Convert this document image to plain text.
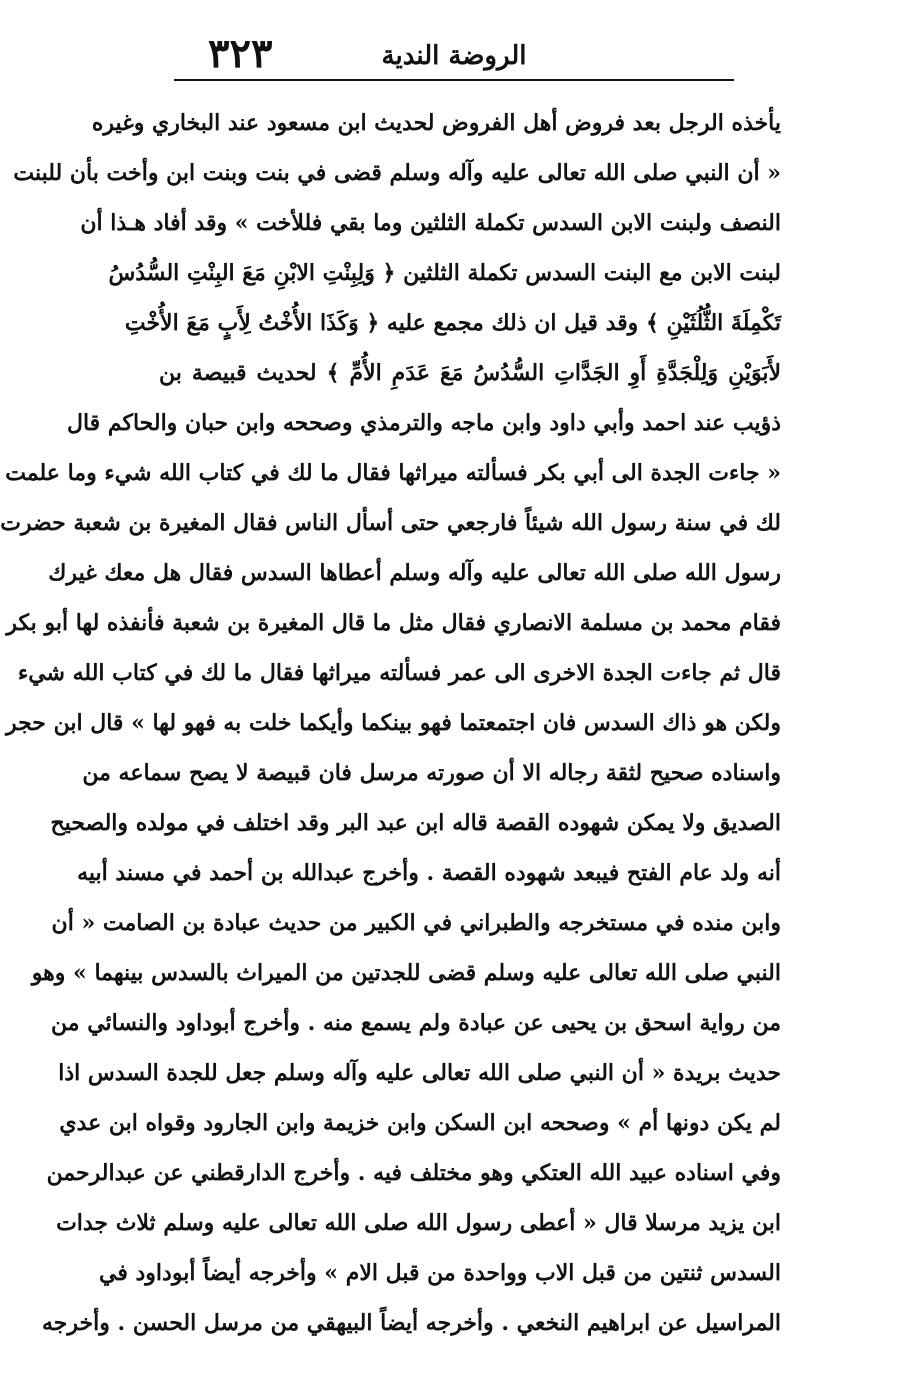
الروضة الندية
٣٢٣
يأخذه الرجل بعد فروض أهل الفروض لحديث ابن مسعود عند البخاري وغيره
« أن النبي صلى الله تعالى عليه وآله وسلم قضى في بنت وبنت ابن وأخت بأن للبنت
النصف ولبنت الابن السدس تكملة الثلثين وما بقي فللأخت » وقد أفاد هـذا أن
لبنت الابن مع البنت السدس تكملة الثلثين ﴿ وَلِبِنْتِ الابْنِ مَعَ البِنْتِ السُّدُسُ
تَكْمِلَةَ الثُّلُثَيْنِ ﴾ وقد قيل ان ذلك مجمع عليه ﴿ وَكَذَا الأُخْتُ لِأَبٍ مَعَ الأُخْتِ
لأَبَوَيْنِ وَلِلْجَدَّةِ أَوِ الجَدَّاتِ السُّدُسُ مَعَ عَدَمِ الأُمِّ ﴾ لحديث قبيصة بن
ذؤيب عند احمد وأبي داود وابن ماجه والترمذي وصححه وابن حبان والحاكم قال
« جاءت الجدة الى أبي بكر فسألته ميراثها فقال ما لك في كتاب الله شيء وما علمت
لك في سنة رسول الله شيئاً فارجعي حتى أسأل الناس فقال المغيرة بن شعبة حضرت
رسول الله صلى الله تعالى عليه وآله وسلم أعطاها السدس فقال هل معك غيرك
فقام محمد بن مسلمة الانصاري فقال مثل ما قال المغيرة بن شعبة فأنفذه لها أبو بكر
قال ثم جاءت الجدة الاخرى الى عمر فسألته ميراثها فقال ما لك في كتاب الله شيء
ولكن هو ذاك السدس فان اجتمعتما فهو بينكما وأيكما خلت به فهو لها » قال ابن حجر
واسناده صحيح لثقة رجاله الا أن صورته مرسل فان قبيصة لا يصح سماعه من
الصديق ولا يمكن شهوده القصة قاله ابن عبد البر وقد اختلف في مولده والصحيح
أنه ولد عام الفتح فيبعد شهوده القصة . وأخرج عبدالله بن أحمد في مسند أبيه
وابن منده في مستخرجه والطبراني في الكبير من حديث عبادة بن الصامت « أن
النبي صلى الله تعالى عليه وسلم قضى للجدتين من الميراث بالسدس بينهما » وهو
من رواية اسحق بن يحيى عن عبادة ولم يسمع منه . وأخرج أبوداود والنسائي من
حديث بريدة « أن النبي صلى الله تعالى عليه وآله وسلم جعل للجدة السدس اذا
لم يكن دونها أم » وصححه ابن السكن وابن خزيمة وابن الجارود وقواه ابن عدي
وفي اسناده عبيد الله العتكي وهو مختلف فيه . وأخرج الدارقطني عن عبدالرحمن
ابن يزيد مرسلا قال « أعطى رسول الله صلى الله تعالى عليه وسلم ثلاث جدات
السدس ثنتين من قبل الاب وواحدة من قبل الام » وأخرجه أيضاً أبوداود في
المراسيل عن ابراهيم النخعي . وأخرجه أيضاً البيهقي من مرسل الحسن . وأخرجه
